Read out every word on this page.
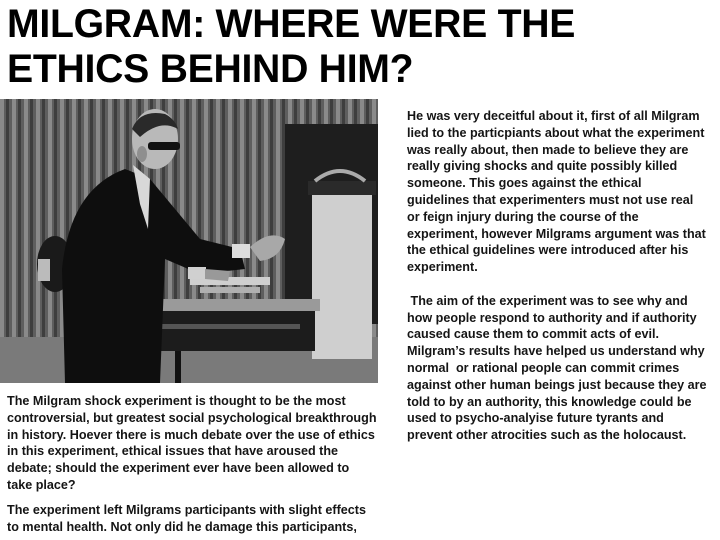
MILGRAM: WHERE WERE THE ETHICS BEHIND HIM?

He was very deceitful about it, first of all Milgram lied to the particpiants about what the experiment was really about, then made to believe they are really giving shocks and quite possibly killed someone. This goes against the ethical guidelines that experimenters must not use real or feign injury during the course of the experiment, however Milgrams argument was that the ethical guidelines were introduced after his experiment.

The aim of the experiment was to see why and how people respond to authority and if authority caused cause them to commit acts of evil. Milgram’s results have helped us understand why  normal  or rational people can commit crimes against other human beings just because they are told to by an authority, this knowledge could be used to psycho-analyise future tyrants and prevent other atrocities such as the holocaust.

The Milgram shock experiment is thought to be the most controversial, but greatest social psychological breakthrough in history. Hoever there is much debate over the use of ethics in this experiment, ethical issues that have aroused the debate; should the experiment ever have been allowed to take place?

The experiment left Milgrams participants with slight effects to mental health. Not only did he damage this participants,
